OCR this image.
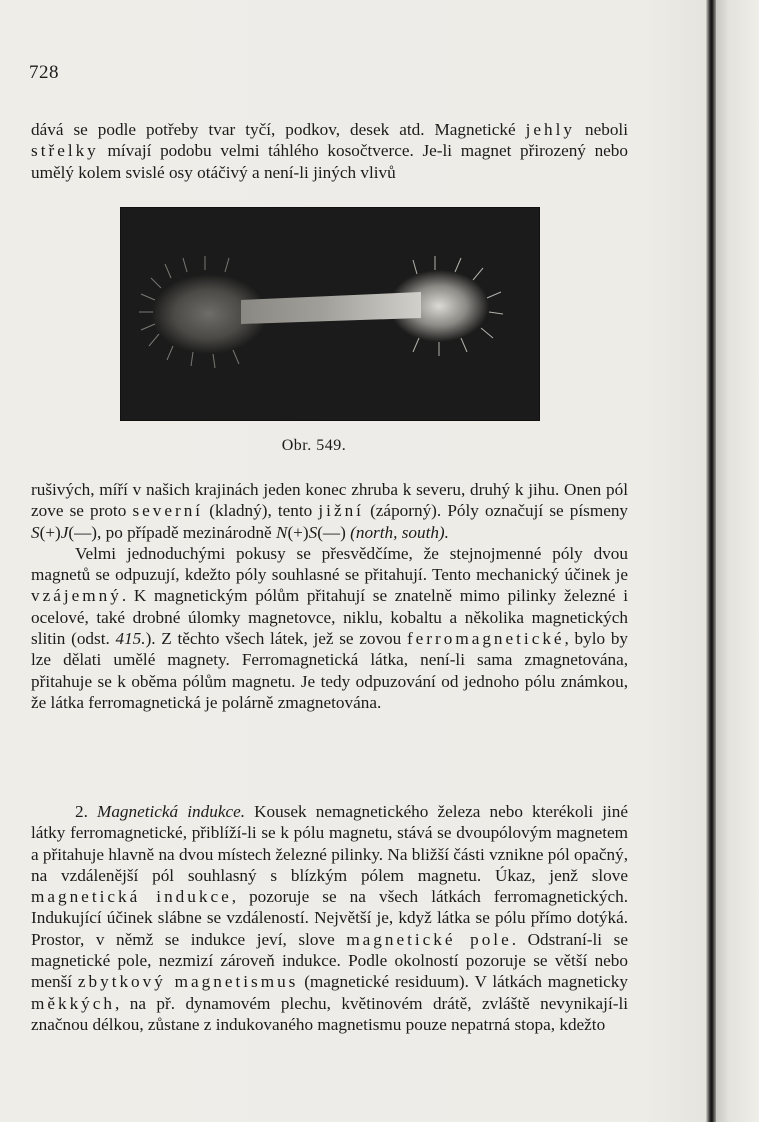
728

dává se podle potřeby tvar tyčí, podkov, desek atd. Magnetické jehly neboli střelky mívají podobu velmi táhlého kosočtverce. Je-li magnet přirozený nebo umělý kolem svislé osy otáčivý a není-li jiných vlivů

Obr. 549.

rušivých, míří v našich krajinách jeden konec zhruba k severu, druhý k jihu. Onen pól zove se proto severní (kladný), tento jižní (záporný). Póly označují se písmeny S(+)J(—), po případě mezinárodně N(+)S(—) (north, south).
Velmi jednoduchými pokusy se přesvědčíme, že stejnojmenné póly dvou magnetů se odpuzují, kdežto póly souhlasné se přitahují. Tento mechanický účinek je vzájemný. K magnetickým pólům přitahují se znatelně mimo pilinky železné i ocelové, také drobné úlomky magnetovce, niklu, kobaltu a několika magnetických slitin (odst. 415.). Z těchto všech látek, jež se zovou ferromagnetické, bylo by lze dělati umělé magnety. Ferromagnetická látka, není-li sama zmagnetována, přitahuje se k oběma pólům magnetu. Je tedy odpuzování od jednoho pólu známkou, že látka ferromagnetická je polárně zmagnetována.

2. Magnetická indukce. Kousek nemagnetického železa nebo kterékoli jiné látky ferromagnetické, přiblíží-li se k pólu magnetu, stává se dvoupólovým magnetem a přitahuje hlavně na dvou místech železné pilinky. Na bližší části vznikne pól opačný, na vzdálenější pól souhlasný s blízkým pólem magnetu. Úkaz, jenž slove magnetická indukce, pozoruje se na všech látkách ferromagnetických. Indukující účinek slábne se vzdáleností. Největší je, když látka se pólu přímo dotýká. Prostor, v němž se indukce jeví, slove magnetické pole. Odstraní-li se magnetické pole, nezmizí zároveň indukce. Podle okolností pozoruje se větší nebo menší zbytkový magnetismus (magnetické residuum). V látkách magneticky měkkých, na př. dynamovém plechu, květinovém drátě, zvláště nevynikají-li značnou délkou, zůstane z indukovaného magnetismu pouze nepatrná stopa, kdežto
